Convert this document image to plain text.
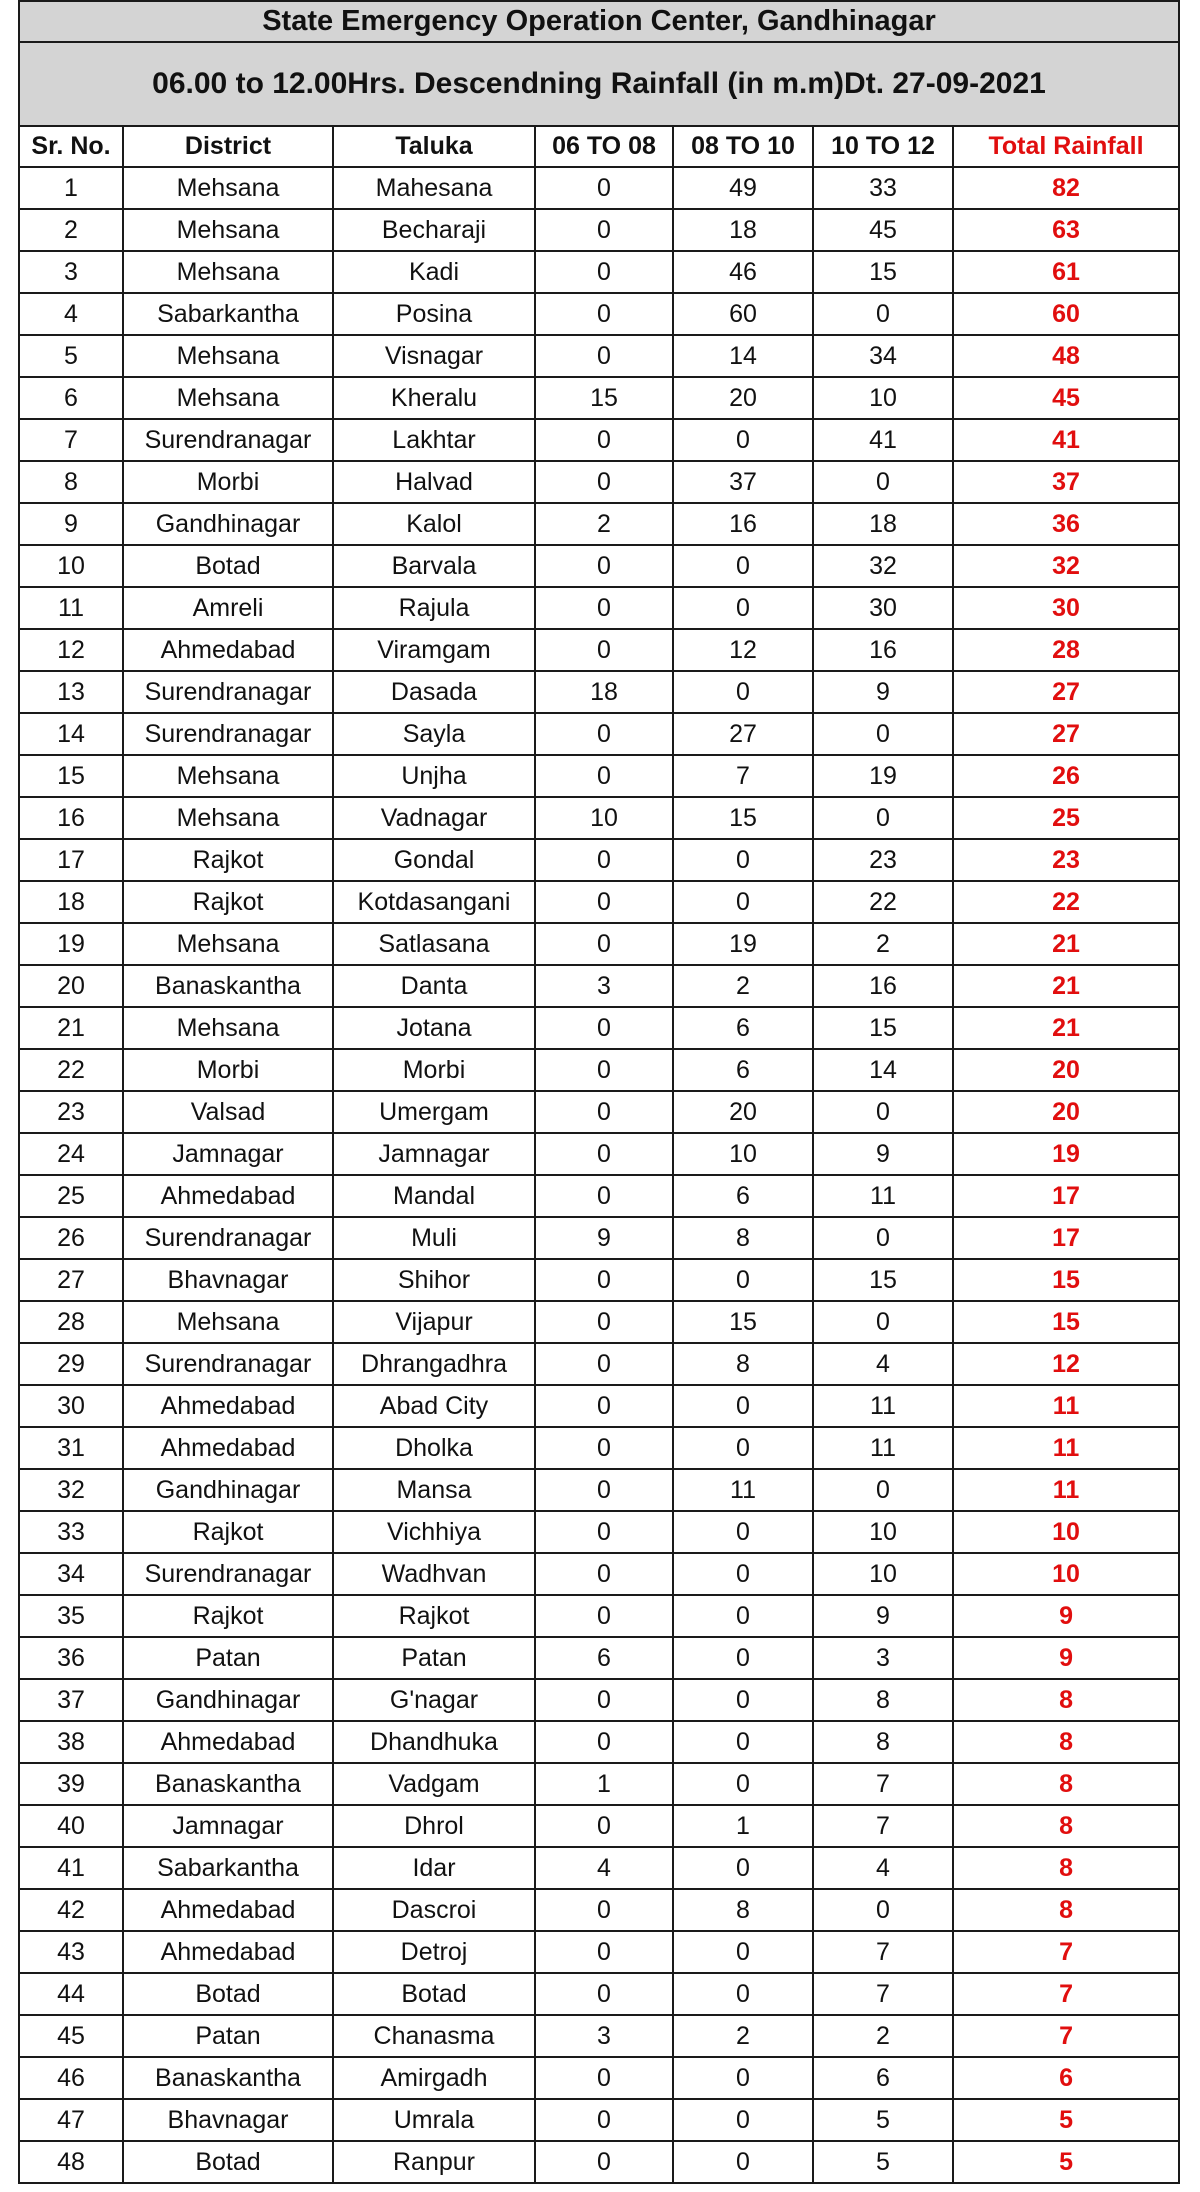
State Emergency Operation Center, Gandhinagar						
06.00 to 12.00Hrs. Descendning Rainfall (in m.m)Dt. 27-09-2021						
Sr. No.	District	Taluka	06 TO 08	08 TO 10	10 TO 12	Total Rainfall
1	Mehsana	Mahesana	0	49	33	82
2	Mehsana	Becharaji	0	18	45	63
3	Mehsana	Kadi	0	46	15	61
4	Sabarkantha	Posina	0	60	0	60
5	Mehsana	Visnagar	0	14	34	48
6	Mehsana	Kheralu	15	20	10	45
7	Surendranagar	Lakhtar	0	0	41	41
8	Morbi	Halvad	0	37	0	37
9	Gandhinagar	Kalol	2	16	18	36
10	Botad	Barvala	0	0	32	32
11	Amreli	Rajula	0	0	30	30
12	Ahmedabad	Viramgam	0	12	16	28
13	Surendranagar	Dasada	18	0	9	27
14	Surendranagar	Sayla	0	27	0	27
15	Mehsana	Unjha	0	7	19	26
16	Mehsana	Vadnagar	10	15	0	25
17	Rajkot	Gondal	0	0	23	23
18	Rajkot	Kotdasangani	0	0	22	22
19	Mehsana	Satlasana	0	19	2	21
20	Banaskantha	Danta	3	2	16	21
21	Mehsana	Jotana	0	6	15	21
22	Morbi	Morbi	0	6	14	20
23	Valsad	Umergam	0	20	0	20
24	Jamnagar	Jamnagar	0	10	9	19
25	Ahmedabad	Mandal	0	6	11	17
26	Surendranagar	Muli	9	8	0	17
27	Bhavnagar	Shihor	0	0	15	15
28	Mehsana	Vijapur	0	15	0	15
29	Surendranagar	Dhrangadhra	0	8	4	12
30	Ahmedabad	Abad City	0	0	11	11
31	Ahmedabad	Dholka	0	0	11	11
32	Gandhinagar	Mansa	0	11	0	11
33	Rajkot	Vichhiya	0	0	10	10
34	Surendranagar	Wadhvan	0	0	10	10
35	Rajkot	Rajkot	0	0	9	9
36	Patan	Patan	6	0	3	9
37	Gandhinagar	G'nagar	0	0	8	8
38	Ahmedabad	Dhandhuka	0	0	8	8
39	Banaskantha	Vadgam	1	0	7	8
40	Jamnagar	Dhrol	0	1	7	8
41	Sabarkantha	Idar	4	0	4	8
42	Ahmedabad	Dascroi	0	8	0	8
43	Ahmedabad	Detroj	0	0	7	7
44	Botad	Botad	0	0	7	7
45	Patan	Chanasma	3	2	2	7
46	Banaskantha	Amirgadh	0	0	6	6
47	Bhavnagar	Umrala	0	0	5	5
48	Botad	Ranpur	0	0	5	5
